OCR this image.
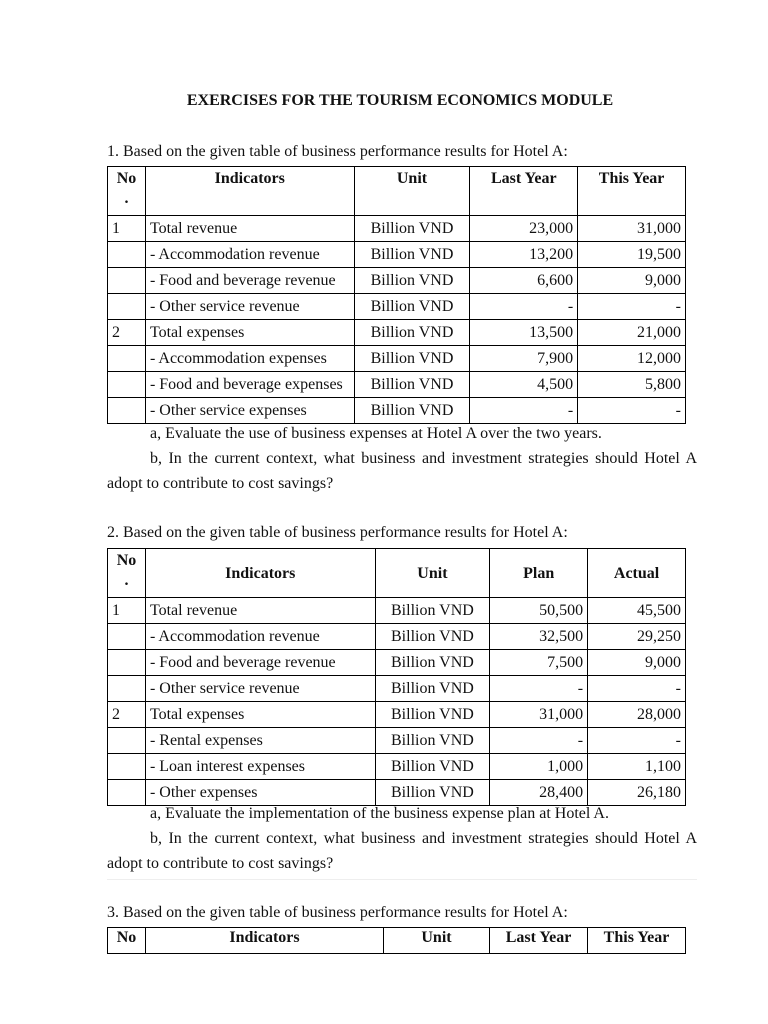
EXERCISES FOR THE TOURISM ECONOMICS MODULE
1. Based on the given table of business performance results for Hotel A:
No
.	Indicators	Unit	Last Year	This Year
1	Total revenue	Billion VND	23,000	31,000
	- Accommodation revenue	Billion VND	13,200	19,500
	- Food and beverage revenue	Billion VND	6,600	9,000
	- Other service revenue	Billion VND	-	-
2	Total expenses	Billion VND	13,500	21,000
	- Accommodation expenses	Billion VND	7,900	12,000
	- Food and beverage expenses	Billion VND	4,500	5,800
	- Other service expenses	Billion VND	-	-
a, Evaluate the use of business expenses at Hotel A over the two years.
b, In the current context, what business and investment strategies should Hotel A
adopt to contribute to cost savings?
2. Based on the given table of business performance results for Hotel A:
No
.	Indicators	Unit	Plan	Actual
1	Total revenue	Billion VND	50,500	45,500
	- Accommodation revenue	Billion VND	32,500	29,250
	- Food and beverage revenue	Billion VND	7,500	9,000
	- Other service revenue	Billion VND	-	-
2	Total expenses	Billion VND	31,000	28,000
	- Rental expenses	Billion VND	-	-
	- Loan interest expenses	Billion VND	1,000	1,100
	- Other expenses	Billion VND	28,400	26,180
a, Evaluate the implementation of the business expense plan at Hotel A.
b, In the current context, what business and investment strategies should Hotel A
adopt to contribute to cost savings?
3. Based on the given table of business performance results for Hotel A:
No	Indicators	Unit	Last Year	This Year
